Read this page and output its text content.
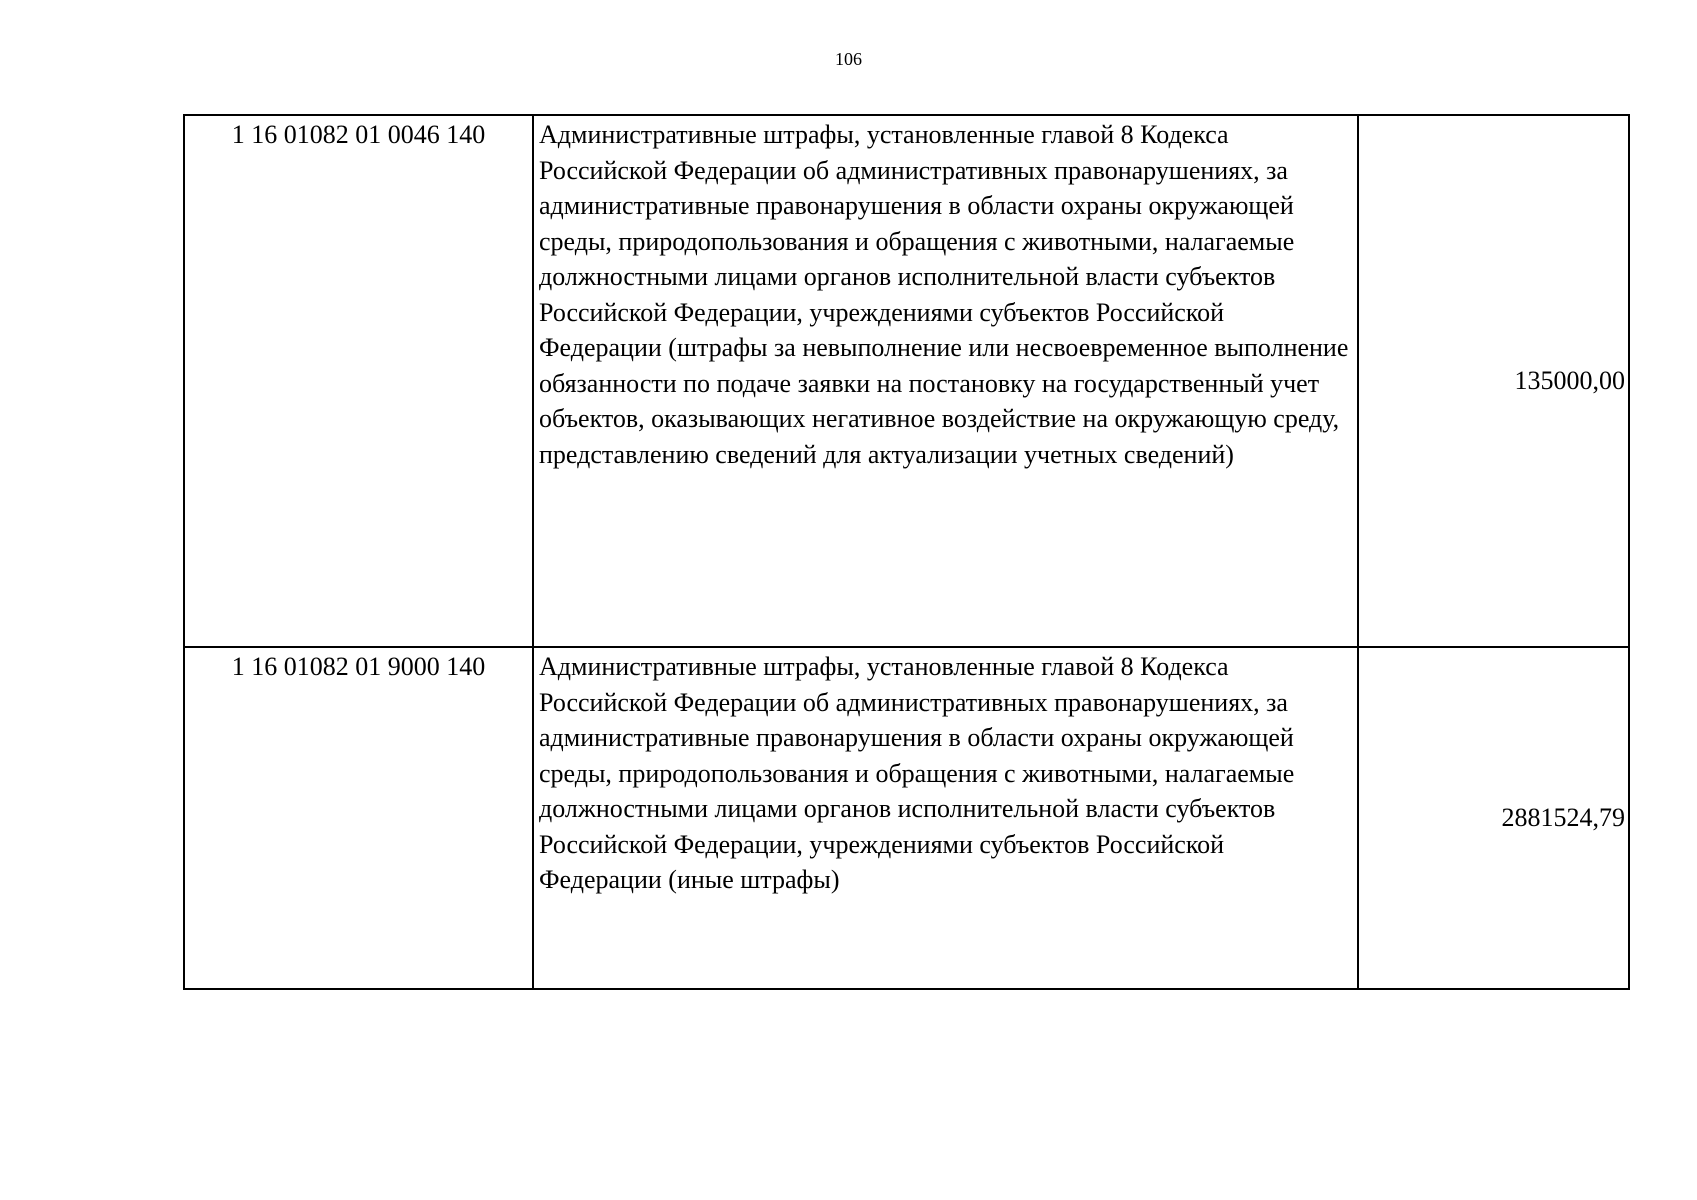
106
1 16 01082 01 0046 140	Административные штрафы, установленные главой 8 Кодекса Российской Федерации об административных правонарушениях, за административные правонарушения в области охраны окружающей среды, природопользования и обращения с животными, налагаемые должностными лицами органов исполнительной власти субъектов Российской Федерации, учреждениями субъектов Российской Федерации (штрафы за невыполнение или несвоевременное выполнение обязанности по подаче заявки на постановку на государственный учет объектов, оказывающих негативное воздействие на окружающую среду, представлению сведений для актуализации учетных сведений)	135000,00
1 16 01082 01 9000 140	Административные штрафы, установленные главой 8 Кодекса Российской Федерации об административных правонарушениях, за административные правонарушения в области охраны окружающей среды, природопользования и обращения с животными, налагаемые должностными лицами органов исполнительной власти субъектов Российской Федерации, учреждениями субъектов Российской Федерации (иные штрафы)	2881524,79
